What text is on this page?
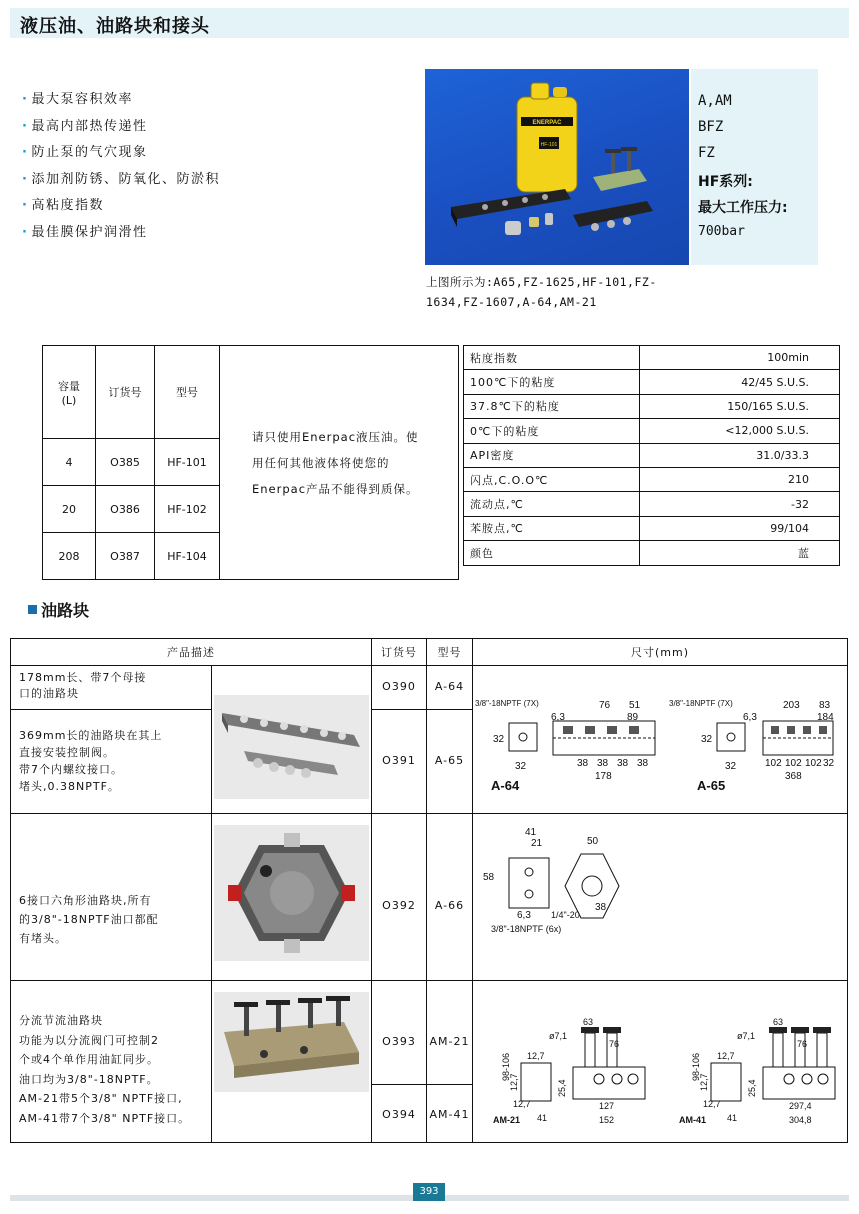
液压油、油路块和接头
· 最大泵容积效率
· 最高内部热传递性
· 防止泵的气穴现象
· 添加剂防锈、防氧化、防淤积
· 高粘度指数
· 最佳膜保护润滑性
ENERPAC
HF-101
A,AM
BFZ
FZ
HF系列:
最大工作压力:
700bar
上图所示为:A65,FZ-1625,HF-101,FZ-1634,FZ-1607,A-64,AM-21
容量
(L)	订货号	型号	请只使用Enerpac液压油。使用任何其他液体将使您的Enerpac产品不能得到质保。
4	O385	HF-101	
20	O386	HF-102	
208	O387	HF-104	
粘度指数	100min
100℃下的粘度	42/45 S.U.S.
37.8℃下的粘度	150/165 S.U.S.
0℃下的粘度	<12,000 S.U.S.
API密度	31.0/33.3
闪点,C.O.O℃	210
流动点,℃	-32
苯胺点,℃	99/104
颜色	蓝
油路块
产品描述	订货号	型号	尺寸(mm)
178mm长、带7个母接
口的油路块
O390	A-64
369mm长的油路块在其上
直接安装控制阀。
带7个内螺纹接口。
堵头,0.38NPTF。
O391	A-65
6接口六角形油路块,所有
的3/8"-18NPTF油口都配
有堵头。
O392	A-66
分流节流油路块
功能为以分流阀门可控制2
个或4个单作用油缸同步。
油口均为3/8"-18NPTF。
AM-21带5个3/8" NPTF接口,
AM-41带7个3/8" NPTF接口。
O393	AM-21
O394	AM-41
3/8"-18NPTF (7X)	76 51
6,3	89
32
32	38 38 38 38
178
A-64
3/8"-18NPTF (7X)	203 83
6,3	184
32
32	102 102 102 32
368
A-65
41
21	50
58
6,3 1/4"-20
38
3/8"-18NPTF (6x)
63
ø7,1
76
98-106 12,7
12,7
12,7
25,4
41
127
152
AM-21
63
ø7,1
76
98-106 12,7
12,7
12,7
25,4
41
297,4
304,8
AM-41
393
